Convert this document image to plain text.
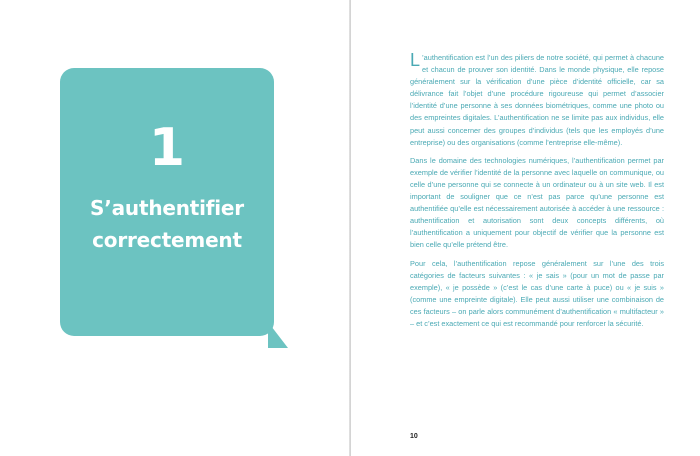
1
S’authentifier
correctement

L ’authentification est l’un des piliers de notre société, qui permet à chacune et chacun de prouver son identité. Dans le monde physique, elle repose généralement sur la vérification d’une pièce d’identité officielle, car sa délivrance fait l’objet d’une procédure rigoureuse qui permet d’associer l’identité d’une personne à ses données biométriques, comme une photo ou des empreintes digitales. L’authentification ne se limite pas aux individus, elle peut aussi concerner des groupes d’individus (tels que les employés d’une entreprise) ou des organisations (comme l’entreprise elle-même).

Dans le domaine des technologies numériques, l’authentification permet par exemple de vérifier l’identité de la personne avec laquelle on communique, ou celle d’une personne qui se connecte à un ordinateur ou à un site web. Il est important de souligner que ce n’est pas parce qu’une personne est authentifiée qu’elle est nécessairement autorisée à accéder à une ressource : authentification et autorisation sont deux concepts différents, où l’authentification a uniquement pour objectif de vérifier que la personne est bien celle qu’elle prétend être.

Pour cela, l’authentification repose généralement sur l’une des trois catégories de facteurs suivantes : « je sais » (pour un mot de passe par exemple), « je possède » (c’est le cas d’une carte à puce) ou « je suis » (comme une empreinte digitale). Elle peut aussi utiliser une combinaison de ces facteurs – on parle alors communément d’authentification « multifacteur » – et c’est exactement ce qui est recommandé pour renforcer la sécurité.

10
